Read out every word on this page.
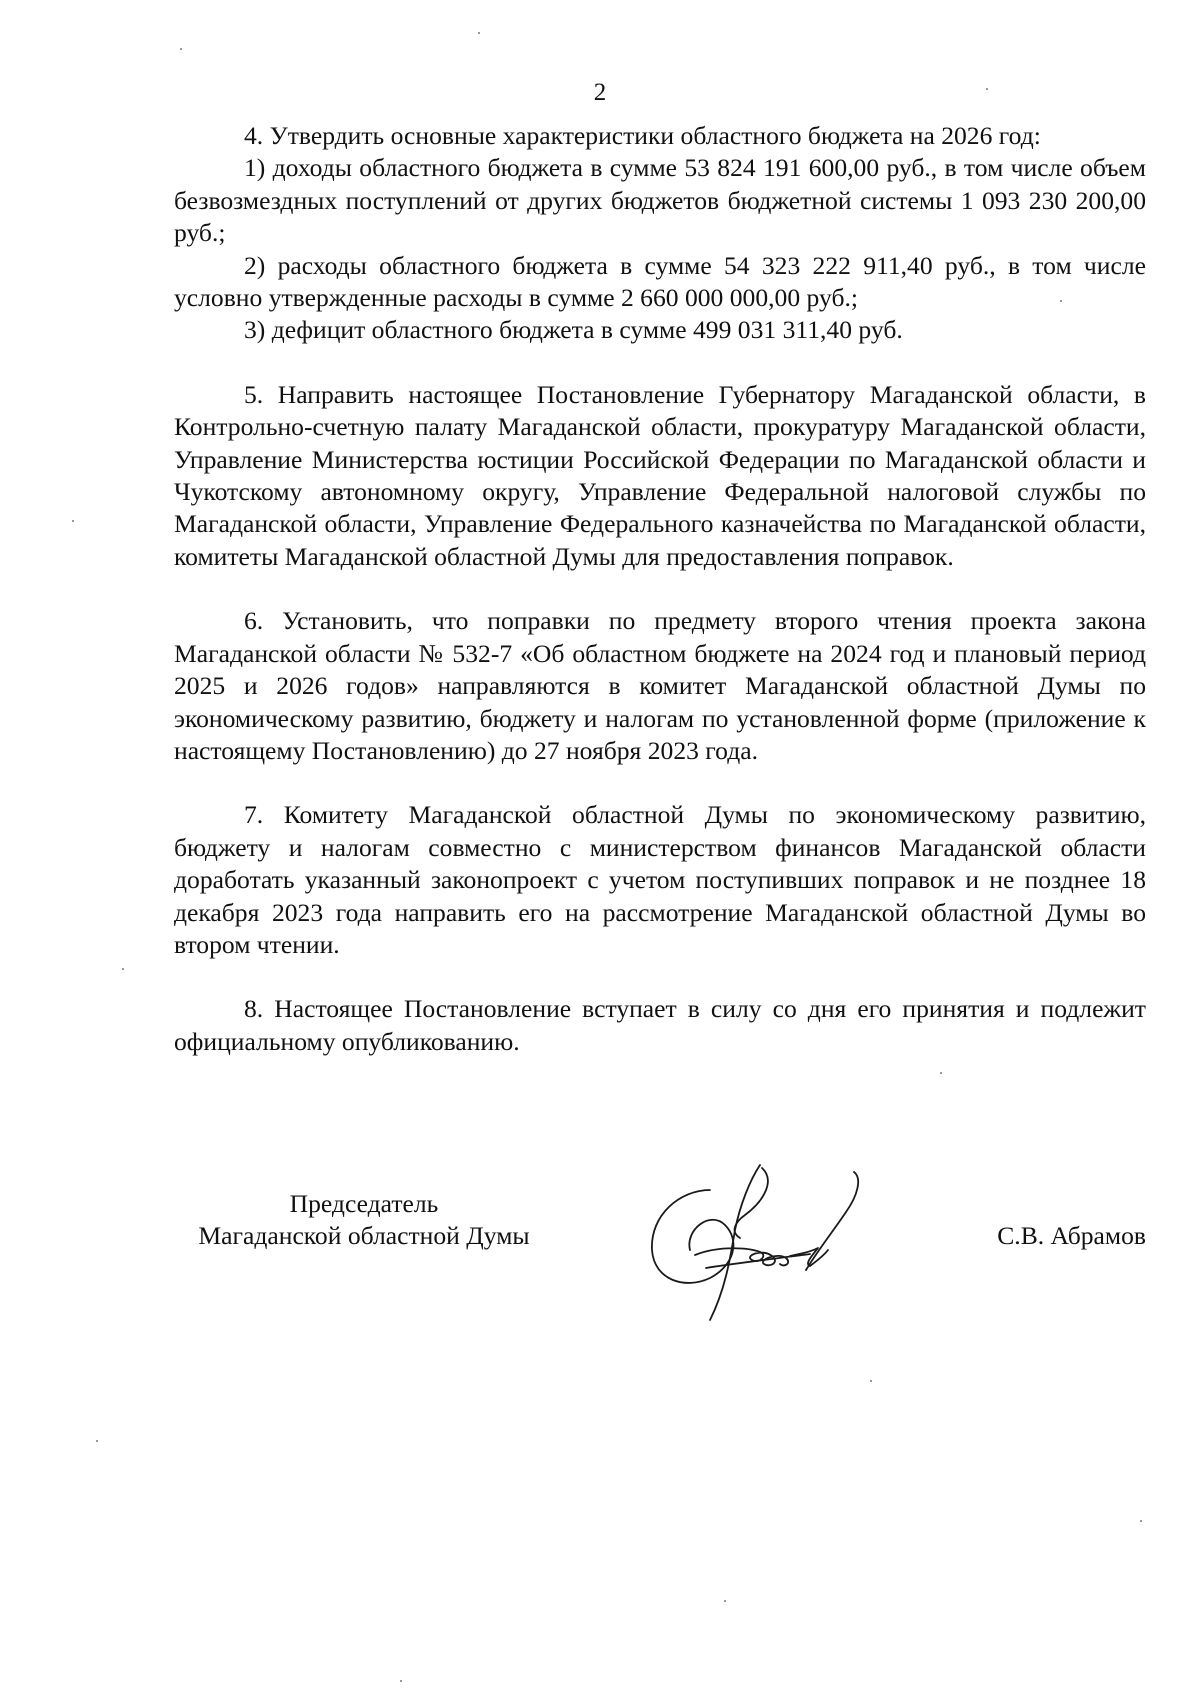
2

4. Утвердить основные характеристики областного бюджета на 2026 год:

1) доходы областного бюджета в сумме 53 824 191 600,00 руб., в том числе объем безвозмездных поступлений от других бюджетов бюджетной системы 1 093 230 200,00 руб.;

2) расходы областного бюджета в сумме 54 323 222 911,40 руб., в том числе условно утвержденные расходы в сумме 2 660 000 000,00 руб.;

3) дефицит областного бюджета в сумме 499 031 311,40 руб.

5. Направить настоящее Постановление Губернатору Магаданской области, в Контрольно-счетную палату Магаданской области, прокуратуру Магаданской области, Управление Министерства юстиции Российской Федерации по Магаданской области и Чукотскому автономному округу, Управление Федеральной налоговой службы по Магаданской области, Управление Федерального казначейства по Магаданской области, комитеты Магаданской областной Думы для предоставления поправок.

6. Установить, что поправки по предмету второго чтения проекта закона Магаданской области № 532-7 «Об областном бюджете на 2024 год и плановый период 2025 и 2026 годов» направляются в комитет Магаданской областной Думы по экономическому развитию, бюджету и налогам по установленной форме (приложение к настоящему Постановлению) до 27 ноября 2023 года.

7. Комитету Магаданской областной Думы по экономическому развитию, бюджету и налогам совместно с министерством финансов Магаданской области доработать указанный законопроект с учетом поступивших поправок и не позднее 18 декабря 2023 года направить его на рассмотрение Магаданской областной Думы во втором чтении.

8. Настоящее Постановление вступает в силу со дня его принятия и подлежит официальному опубликованию.

Председатель
Магаданской областной Думы	С.В. Абрамов
